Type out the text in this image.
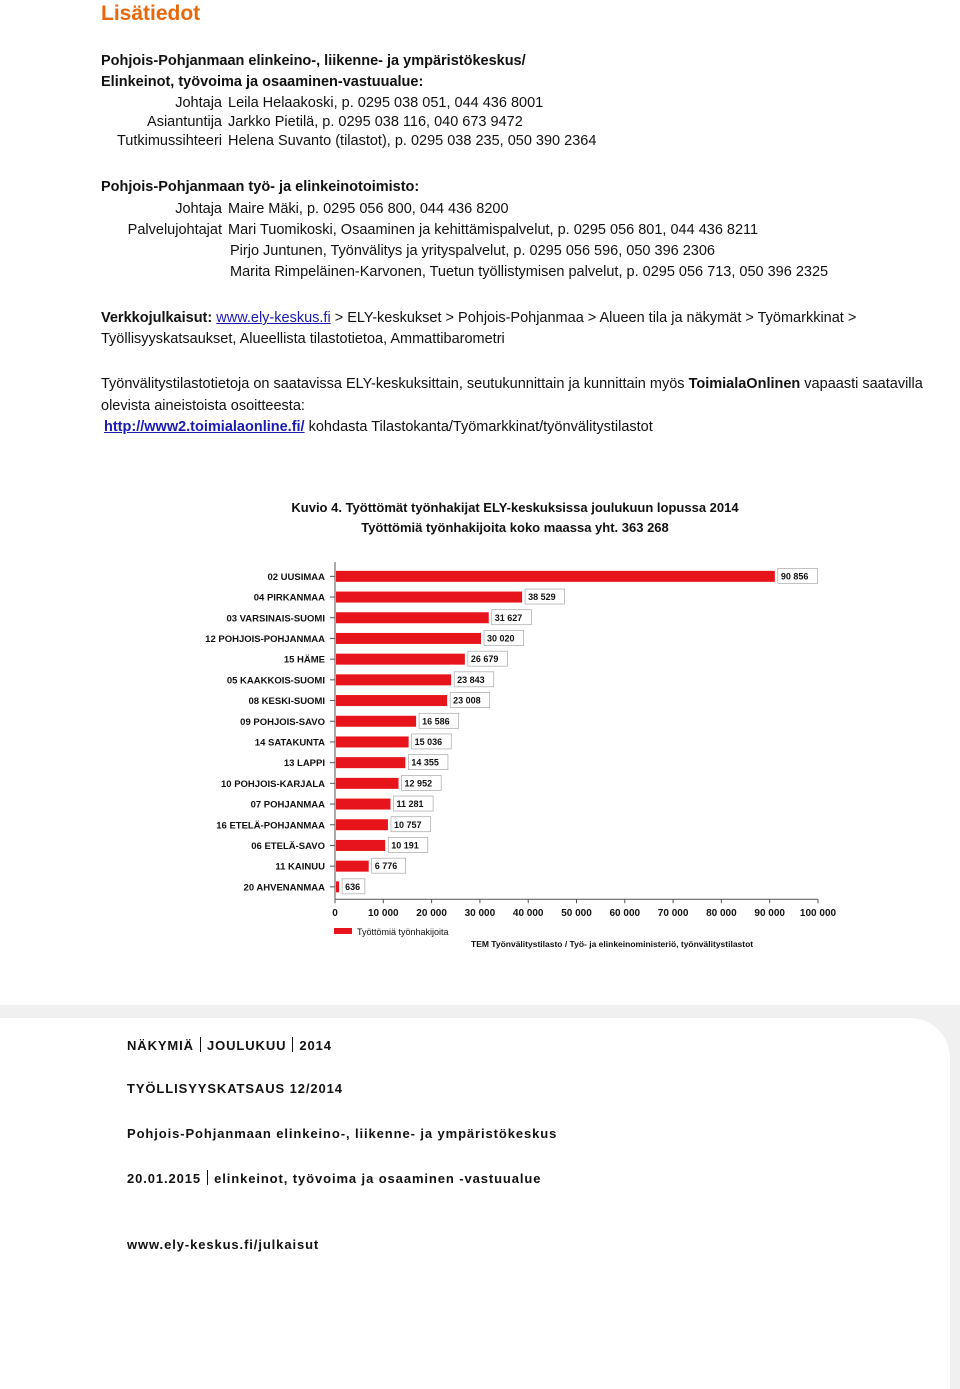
Lisätiedot
Pohjois-Pohjanmaan elinkeino-, liikenne- ja ympäristökeskus/
Elinkeinot, työvoima ja osaaminen-vastuualue:
Johtaja Leila Helaakoski, p. 0295 038 051, 044 436 8001
Asiantuntija Jarkko Pietilä, p. 0295 038 116, 040 673 9472
Tutkimussihteeri Helena Suvanto (tilastot), p. 0295 038 235, 050 390 2364
Pohjois-Pohjanmaan työ- ja elinkeinotoimisto:
Johtaja Maire Mäki, p. 0295 056 800, 044 436 8200
Palvelujohtajat Mari Tuomikoski, Osaaminen ja kehittämispalvelut, p. 0295 056 801, 044 436 8211
Pirjo Juntunen, Työnvälitys ja yrityspalvelut, p. 0295 056 596, 050 396 2306
Marita Rimpeläinen-Karvonen, Tuetun työllistymisen palvelut, p. 0295 056 713, 050 396 2325
Verkkojulkaisut: www.ely-keskus.fi > ELY-keskukset > Pohjois-Pohjanmaa > Alueen tila ja näkymät > Työmarkkinat >
Työllisyyskatsaukset, Alueellista tilastotietoa, Ammattibarometri
Työnvälitystilastotietoja on saatavissa ELY-keskuksittain, seutukunnittain ja kunnittain myös ToimialaOnlinen vapaasti saatavilla olevista aineistoista osoitteesta:
http://www2.toimialaonline.fi/ kohdasta Tilastokanta/Työmarkkinat/työnvälitystilastot
Kuvio 4. Työttömät työnhakijat ELY-keskuksissa joulukuun lopussa 2014
Työttömiä työnhakijoita koko maassa yht. 363 268
02 UUSIMAA	90 856
04 PIRKANMAA	38 529
03 VARSINAIS-SUOMI	31 627
12 POHJOIS-POHJANMAA	30 020
15 HÄME	26 679
05 KAAKKOIS-SUOMI	23 843
08 KESKI-SUOMI	23 008
09 POHJOIS-SAVO	16 586
14 SATAKUNTA	15 036
13 LAPPI	14 355
10 POHJOIS-KARJALA	12 952
07 POHJANMAA	11 281
16 ETELÄ-POHJANMAA	10 757
06 ETELÄ-SAVO	10 191
11 KAINUU	6 776
20 AHVENANMAA 636
0	10 000 20 000 30 000 40 000 50 000 60 000 70 000 80 000 90 000 100 000
Työttömiä työnhakijoita
TEM Työnvälitystilasto / Työ- ja elinkeinoministeriö, työnvälitystilastot
NÄKYMIÄ JOULUKUU 2014
TYÖLLISYYSKATSAUS 12/2014
Pohjois-Pohjanmaan elinkeino-, liikenne- ja ympäristökeskus
20.01.2015 elinkeinot, työvoima ja osaaminen -vastuualue
www.ely-keskus.fi/julkaisut
